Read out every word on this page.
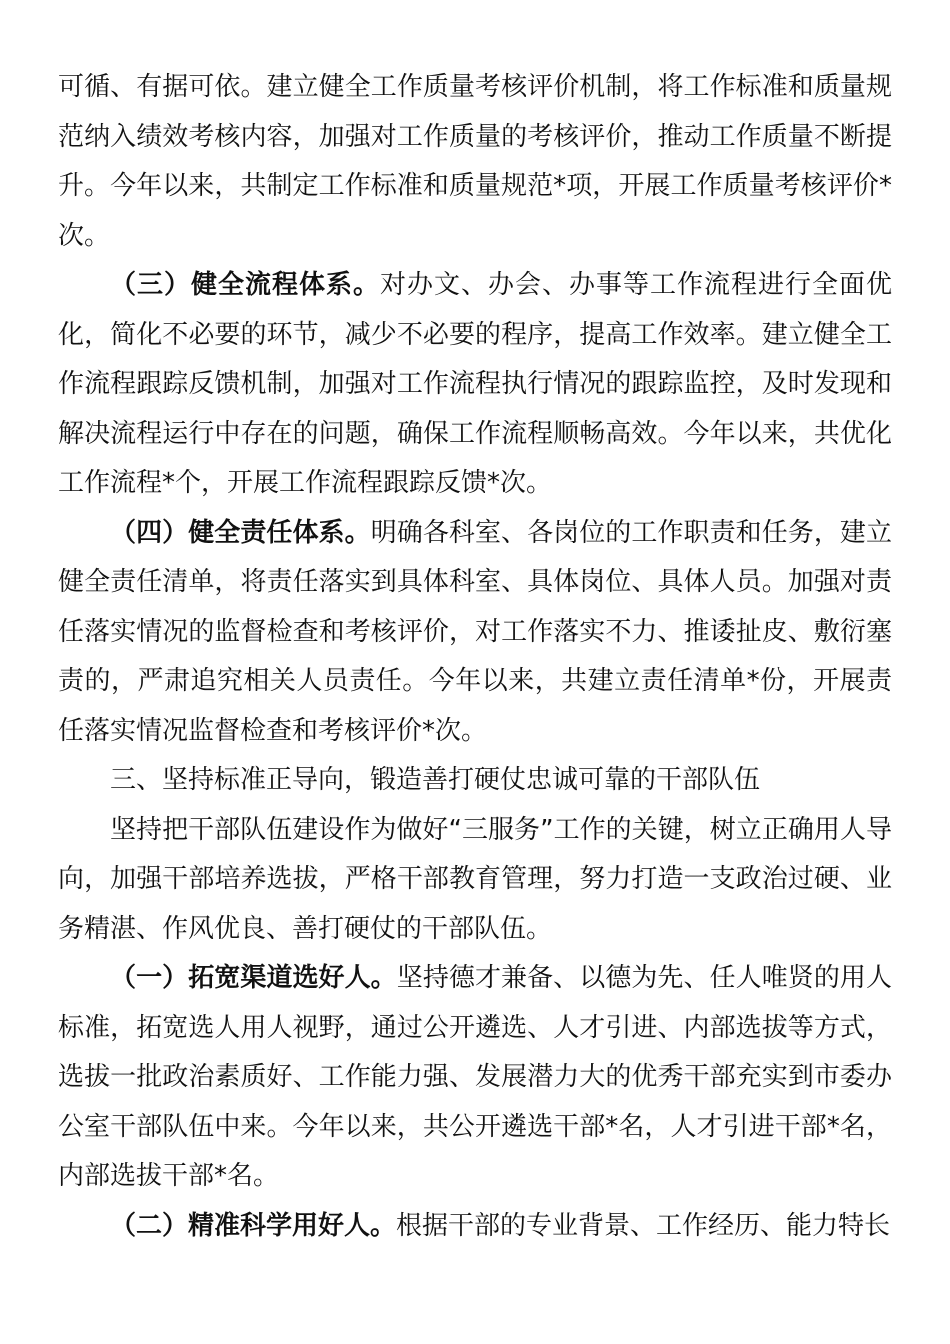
可循、有据可依。建立健全工作质量考核评价机制，将工作标准和质量规范纳入绩效考核内容，加强对工作质量的考核评价，推动工作质量不断提升。今年以来，共制定工作标准和质量规范*项，开展工作质量考核评价*次。

（三）健全流程体系。对办文、办会、办事等工作流程进行全面优化，简化不必要的环节，减少不必要的程序，提高工作效率。建立健全工作流程跟踪反馈机制，加强对工作流程执行情况的跟踪监控，及时发现和解决流程运行中存在的问题，确保工作流程顺畅高效。今年以来，共优化工作流程*个，开展工作流程跟踪反馈*次。

（四）健全责任体系。明确各科室、各岗位的工作职责和任务，建立健全责任清单，将责任落实到具体科室、具体岗位、具体人员。加强对责任落实情况的监督检查和考核评价，对工作落实不力、推诿扯皮、敷衍塞责的，严肃追究相关人员责任。今年以来，共建立责任清单*份，开展责任落实情况监督检查和考核评价*次。

三、坚持标准正导向，锻造善打硬仗忠诚可靠的干部队伍

坚持把干部队伍建设作为做好“三服务”工作的关键，树立正确用人导向，加强干部培养选拔，严格干部教育管理，努力打造一支政治过硬、业务精湛、作风优良、善打硬仗的干部队伍。

（一）拓宽渠道选好人。坚持德才兼备、以德为先、任人唯贤的用人标准，拓宽选人用人视野，通过公开遴选、人才引进、内部选拔等方式，选拔一批政治素质好、工作能力强、发展潜力大的优秀干部充实到市委办公室干部队伍中来。今年以来，共公开遴选干部*名，人才引进干部*名，内部选拔干部*名。

（二）精准科学用好人。根据干部的专业背景、工作经历、能力特长
